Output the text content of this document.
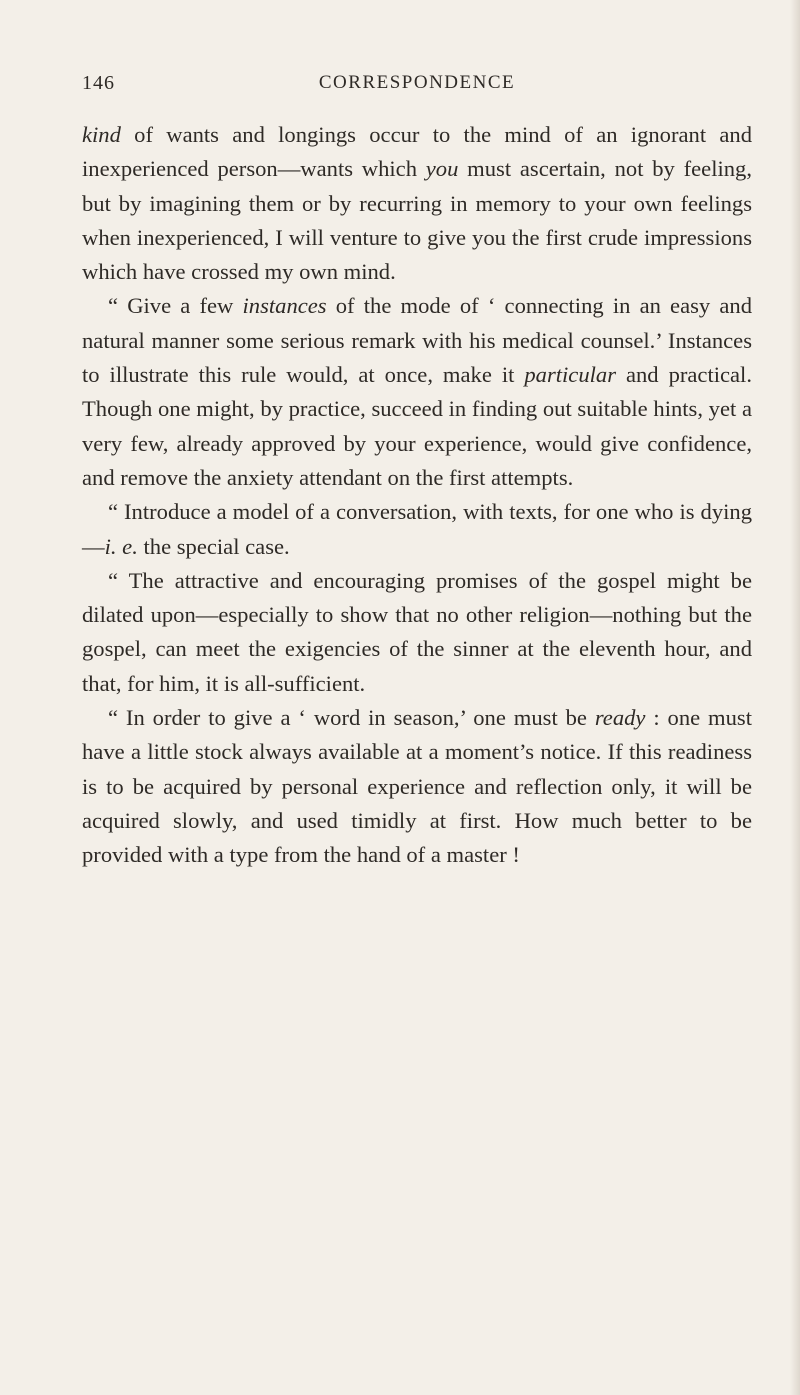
146	CORRESPONDENCE

kind of wants and longings occur to the mind of an ignorant and inexperienced person—wants which you must ascertain, not by feeling, but by imagining them or by recurring in memory to your own feelings when inexperienced, I will venture to give you the first crude impressions which have crossed my own mind.

“ Give a few instances of the mode of ‘ connecting in an easy and natural manner some serious remark with his medical counsel.’ Instances to illustrate this rule would, at once, make it particular and practical. Though one might, by practice, succeed in finding out suitable hints, yet a very few, already approved by your experience, would give confidence, and remove the anxiety attendant on the first attempts.

“ Introduce a model of a conversation, with texts, for one who is dying—i. e. the special case.

“ The attractive and encouraging promises of the gospel might be dilated upon—especially to show that no other religion—nothing but the gospel, can meet the exigencies of the sinner at the eleventh hour, and that, for him, it is all-sufficient.

“ In order to give a ‘ word in season,’ one must be ready : one must have a little stock always available at a moment’s notice. If this readiness is to be acquired by personal experience and reflection only, it will be acquired slowly, and used timidly at first. How much better to be provided with a type from the hand of a master !
